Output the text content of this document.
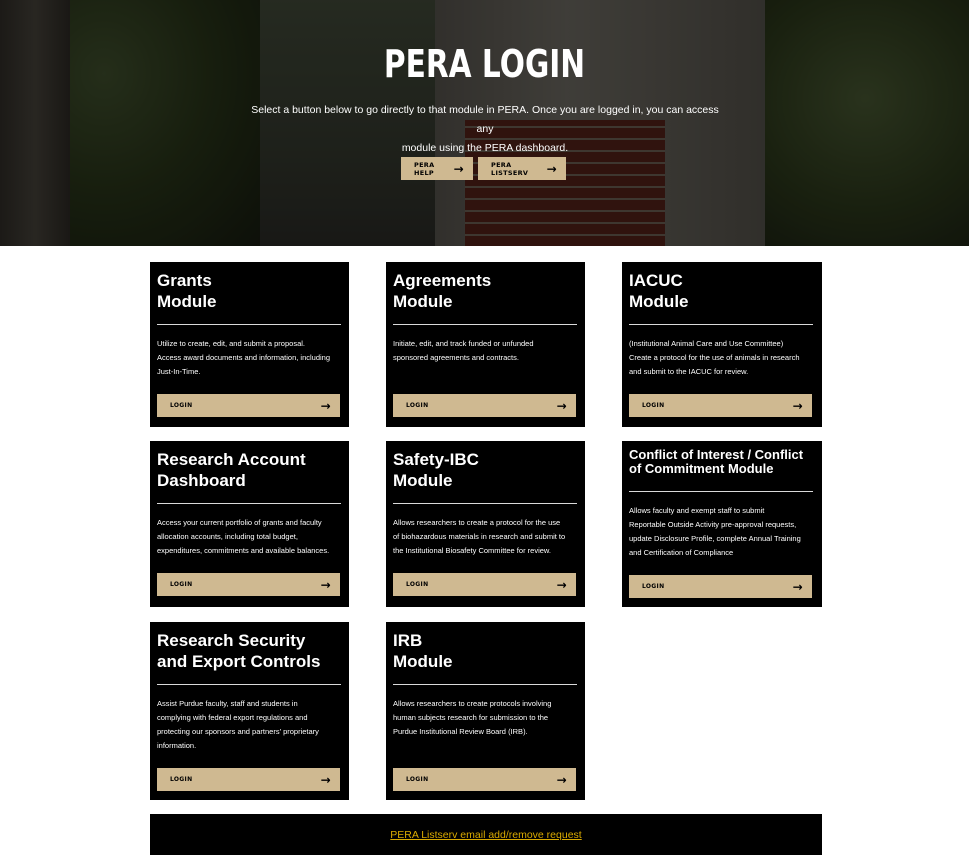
PERA LOGIN
Select a button below to go directly to that module in PERA. Once you are logged in, you can access any
module using the PERA dashboard.
PERA HELP	→	PERA LISTSERV	→
Grants
Module
Utilize to create, edit, and submit a proposal.
Access award documents and information, including
Just-In-Time.
LOGIN	→
Agreements
Module
Initiate, edit, and track funded or unfunded
sponsored agreements and contracts.
LOGIN	→
IACUC
Module
(Institutional Animal Care and Use Committee)
Create a protocol for the use of animals in research
and submit to the IACUC for review.
LOGIN	→
Research Account
Dashboard
Access your current portfolio of grants and faculty
allocation accounts, including total budget,
expenditures, commitments and available balances.
LOGIN	→
Safety-IBC
Module
Allows researchers to create a protocol for the use
of biohazardous materials in research and submit to
the Institutional Biosafety Committee for review.
LOGIN	→
Conflict of Interest / Conflict
of Commitment Module
Allows faculty and exempt staff to submit
Reportable Outside Activity pre-approval requests,
update Disclosure Profile, complete Annual Training
and Certification of Compliance
LOGIN	→
Research Security
and Export Controls
Assist Purdue faculty, staff and students in
complying with federal export regulations and
protecting our sponsors and partners' proprietary
information.
LOGIN	→
IRB
Module
Allows researchers to create protocols involving
human subjects research for submission to the
Purdue Institutional Review Board (IRB).
LOGIN	→
PERA Listserv email add/remove request
